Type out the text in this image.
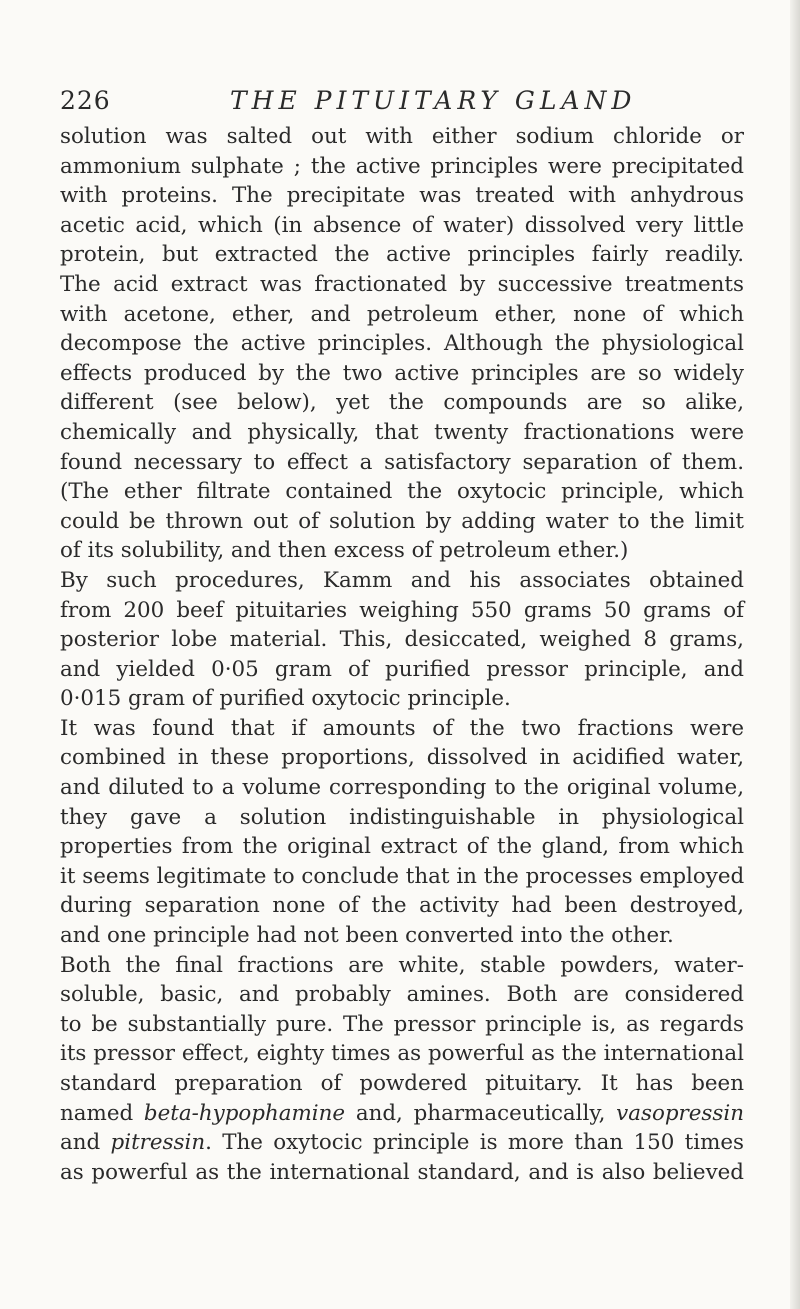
226	THE PITUITARY GLAND
solution was salted out with either sodium chloride or
ammonium sulphate ; the active principles were precipitated
with proteins. The precipitate was treated with anhydrous
acetic acid, which (in absence of water) dissolved very little
protein, but extracted the active principles fairly readily.
The acid extract was fractionated by successive treatments
with acetone, ether, and petroleum ether, none of which
decompose the active principles. Although the physiological
effects produced by the two active principles are so widely
different (see below), yet the compounds are so alike,
chemically and physically, that twenty fractionations were
found necessary to effect a satisfactory separation of them.
(The ether filtrate contained the oxytocic principle, which
could be thrown out of solution by adding water to the limit
of its solubility, and then excess of petroleum ether.)
By such procedures, Kamm and his associates obtained
from 200 beef pituitaries weighing 550 grams 50 grams of
posterior lobe material. This, desiccated, weighed 8 grams,
and yielded 0·05 gram of purified pressor principle, and
0·015 gram of purified oxytocic principle.
It was found that if amounts of the two fractions were
combined in these proportions, dissolved in acidified water,
and diluted to a volume corresponding to the original volume,
they gave a solution indistinguishable in physiological
properties from the original extract of the gland, from which
it seems legitimate to conclude that in the processes employed
during separation none of the activity had been destroyed,
and one principle had not been converted into the other.
Both the final fractions are white, stable powders, water-
soluble, basic, and probably amines. Both are considered
to be substantially pure. The pressor principle is, as regards
its pressor effect, eighty times as powerful as the international
standard preparation of powdered pituitary. It has been
named beta-hypophamine and, pharmaceutically, vasopressin
and pitressin. The oxytocic principle is more than 150 times
as powerful as the international standard, and is also believed
